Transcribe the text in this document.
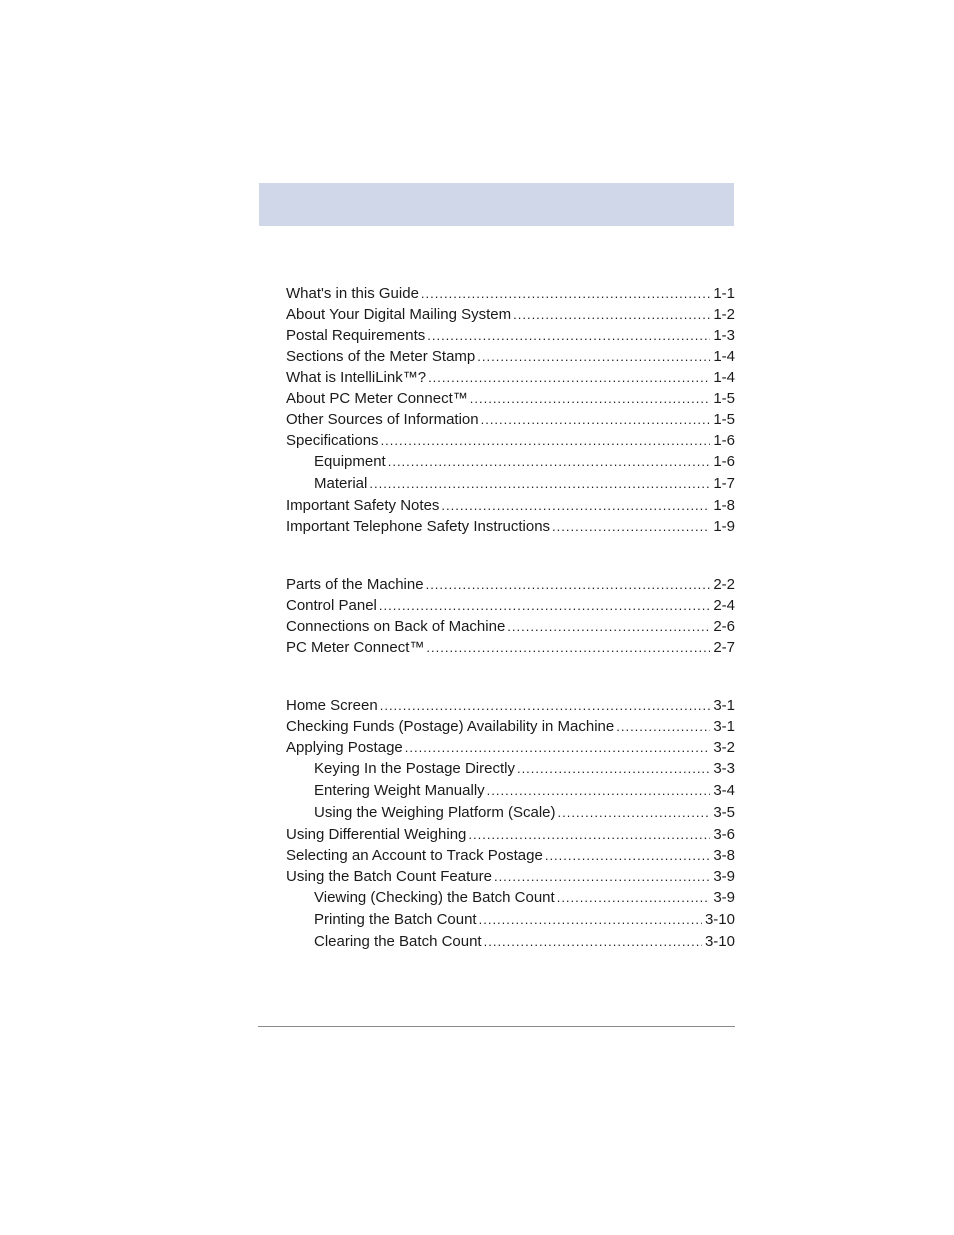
What's in this Guide .....	1-1
About Your Digital Mailing System .....	1-2
Postal Requirements .....	1-3
Sections of the Meter Stamp .....	1-4
What is IntelliLink™? .....	1-4
About PC Meter Connect™ .....	1-5
Other Sources of Information .....	1-5
Specifications .....	1-6
Equipment .....	1-6
Material .....	1-7
Important Safety Notes .....	1-8
Important Telephone Safety Instructions .....	1-9
Parts of the Machine .....	2-2
Control Panel .....	2-4
Connections on Back of Machine .....	2-6
PC Meter Connect™ .....	2-7
Home Screen .....	3-1
Checking Funds (Postage) Availability in Machine .....	3-1
Applying Postage .....	3-2
Keying In the Postage Directly .....	3-3
Entering Weight Manually .....	3-4
Using the Weighing Platform (Scale) .....	3-5
Using Differential Weighing .....	3-6
Selecting an Account to Track Postage .....	3-8
Using the Batch Count Feature .....	3-9
Viewing (Checking) the Batch Count .....	3-9
Printing the Batch Count .....	3-10
Clearing the Batch Count .....	3-10
